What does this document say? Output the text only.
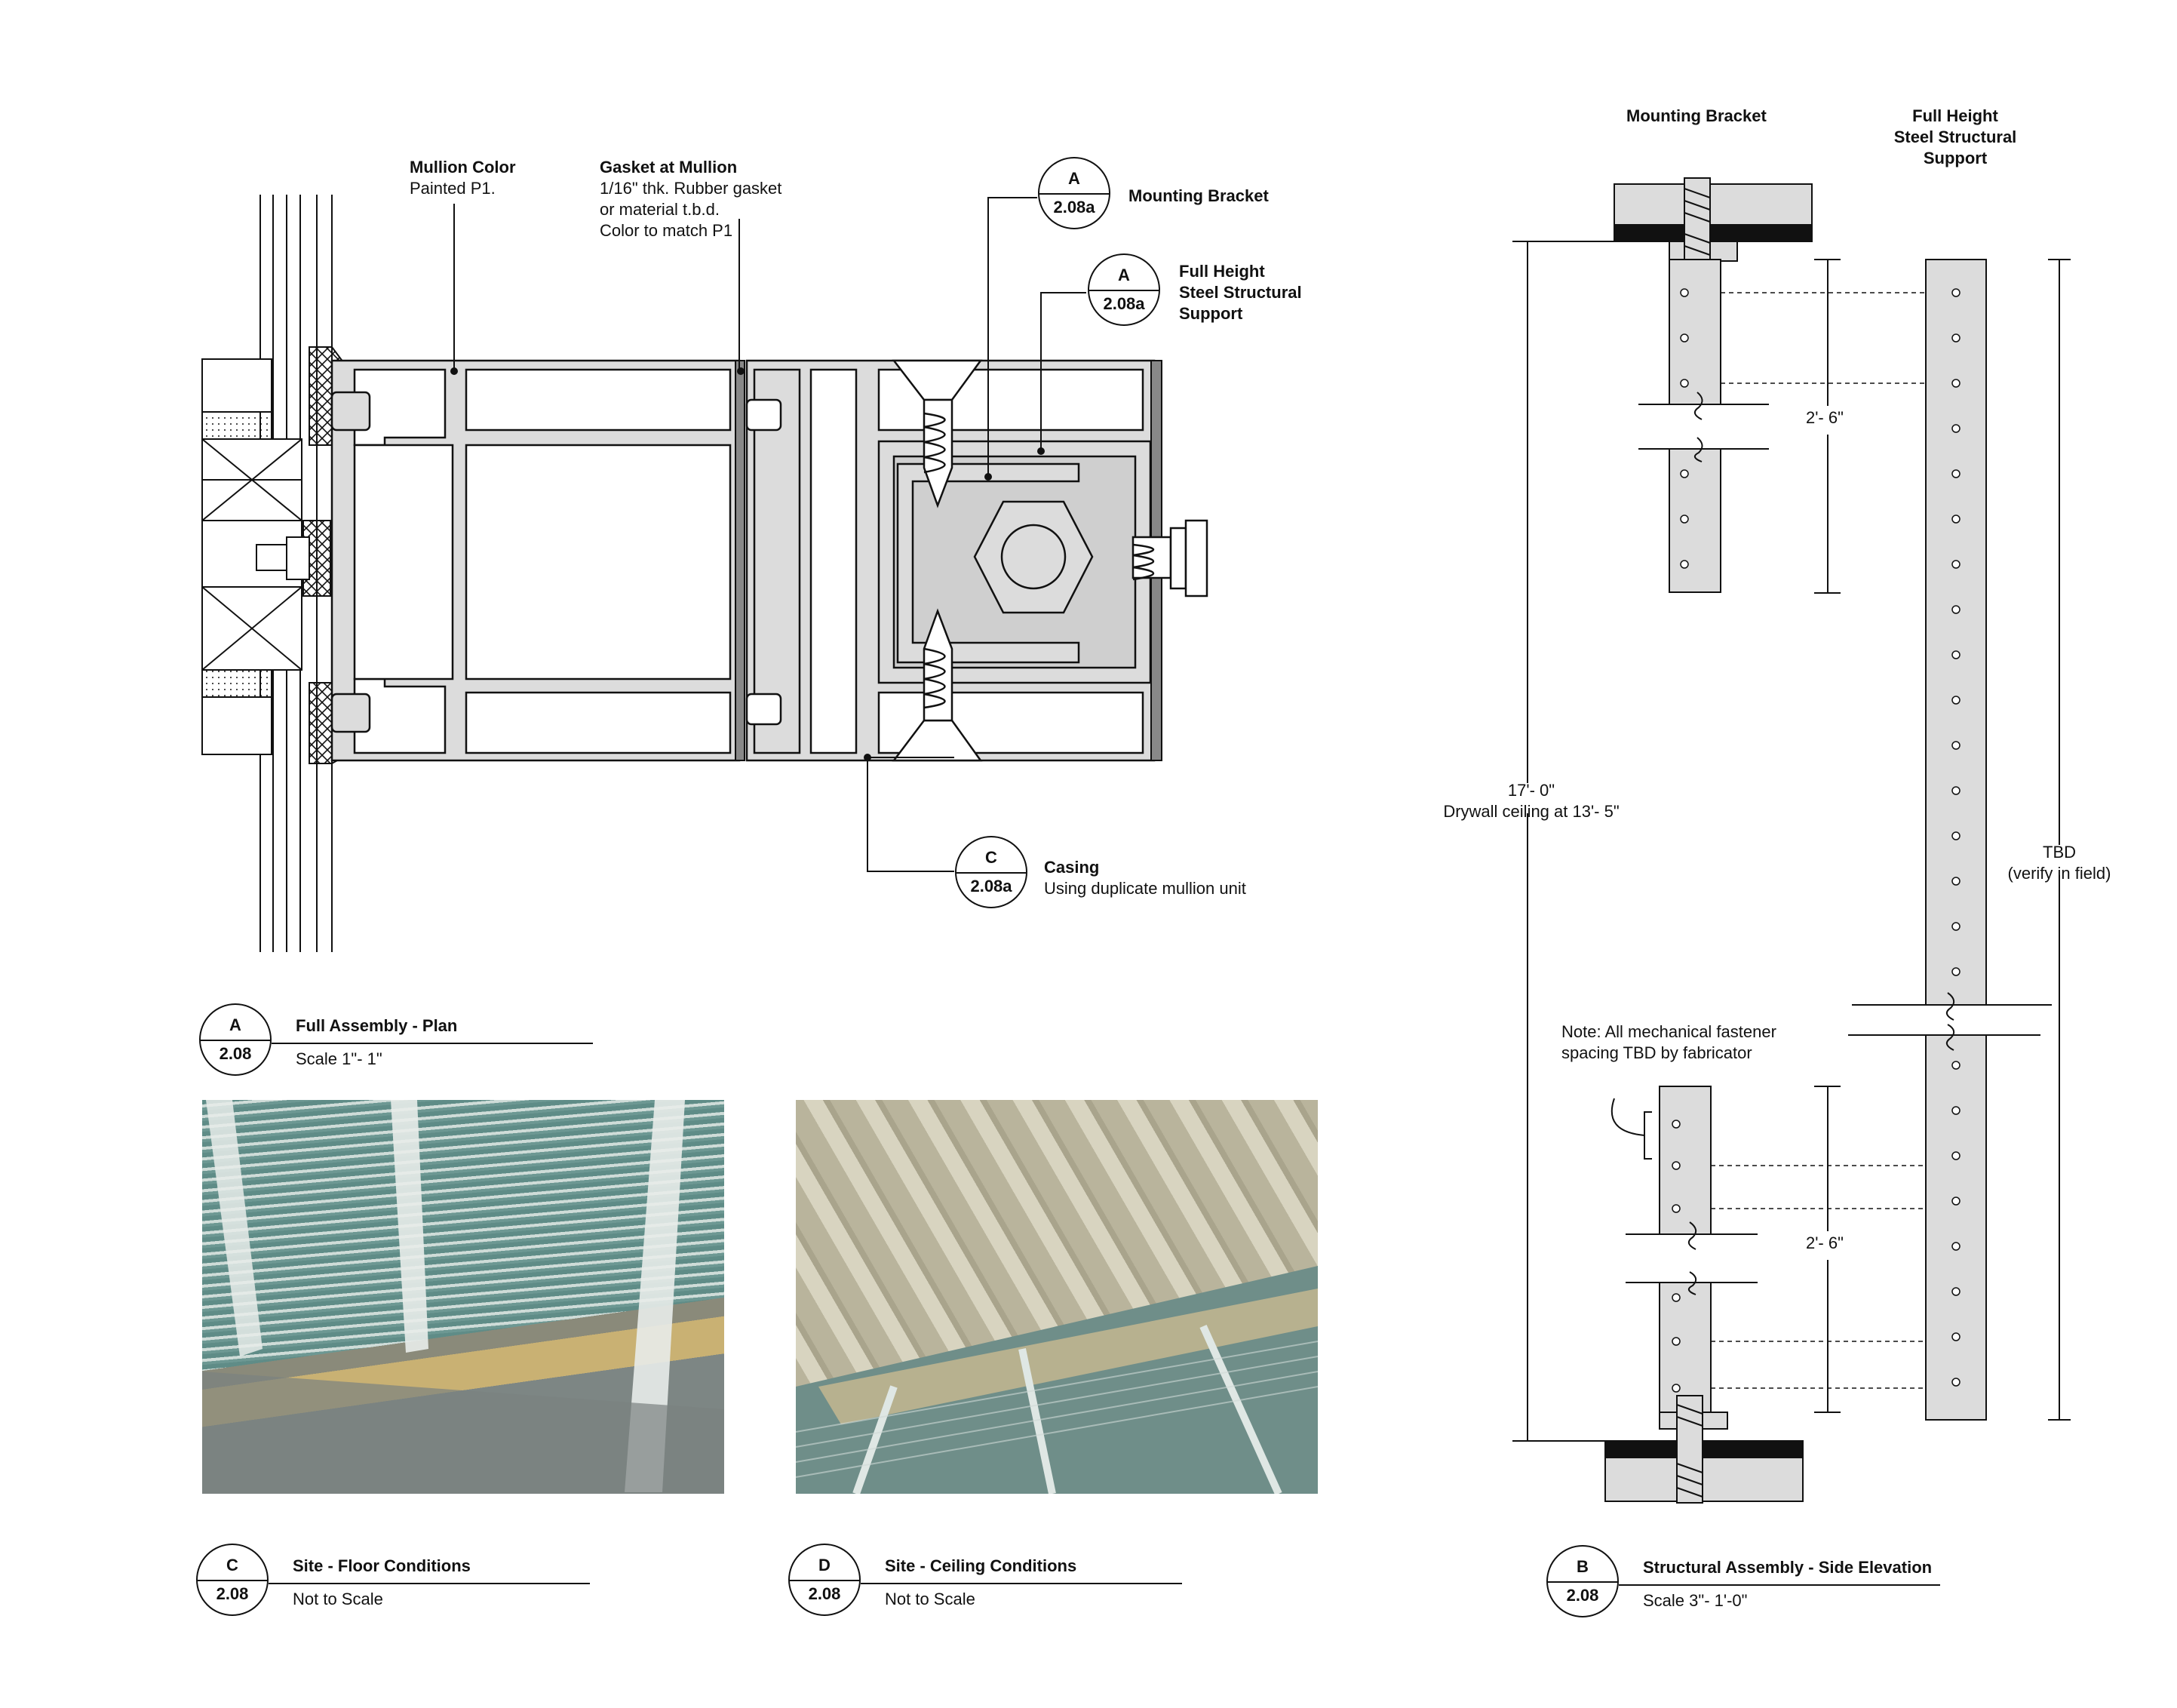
Mullion Color
Painted P1.
Gasket at Mullion
1/16" thk. Rubber gasket
or material t.b.d.
Color to match P1
A
2.08a
Mounting Bracket
A
2.08a
Full Height
Steel Structural
Support
C
2.08a
Casing
Using duplicate mullion unit
A
2.08
Full Assembly - Plan
Scale 1"- 1"
C
2.08
Site - Floor Conditions
Not to Scale
D
2.08
Site - Ceiling Conditions
Not to Scale
Mounting Bracket	Full Height
Steel Structural
Support
2'- 6"
2'- 6"
17'- 0"
Drywall ceiling at 13'- 5"
TBD
(verify in field)
Note: All mechanical fastener
spacing TBD by fabricator
B
2.08
Structural Assembly - Side Elevation
Scale 3"- 1'-0"
